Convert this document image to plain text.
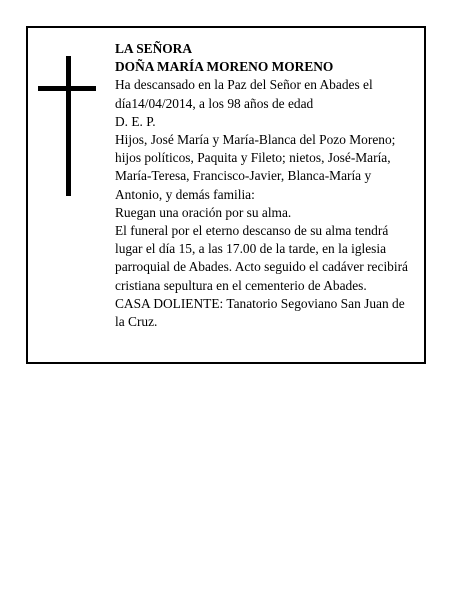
LA SEÑORA

DOÑA MARÍA MORENO MORENO

Ha descansado en la Paz del Señor en Abades el día14/04/2014, a los 98 años de edad

D. E. P.

Hijos, José María y María-Blanca del Pozo Moreno; hijos políticos, Paquita y Fileto; nietos, José-María, María-Teresa, Francisco-Javier, Blanca-María y Antonio, y demás familia:

Ruegan una oración por su alma.

El funeral por el eterno descanso de su alma tendrá lugar el día 15, a las 17.00 de la tarde, en la iglesia parroquial de Abades. Acto seguido el cadáver recibirá cristiana sepultura en el cementerio de Abades.

CASA DOLIENTE: Tanatorio Segoviano San Juan de la Cruz.
